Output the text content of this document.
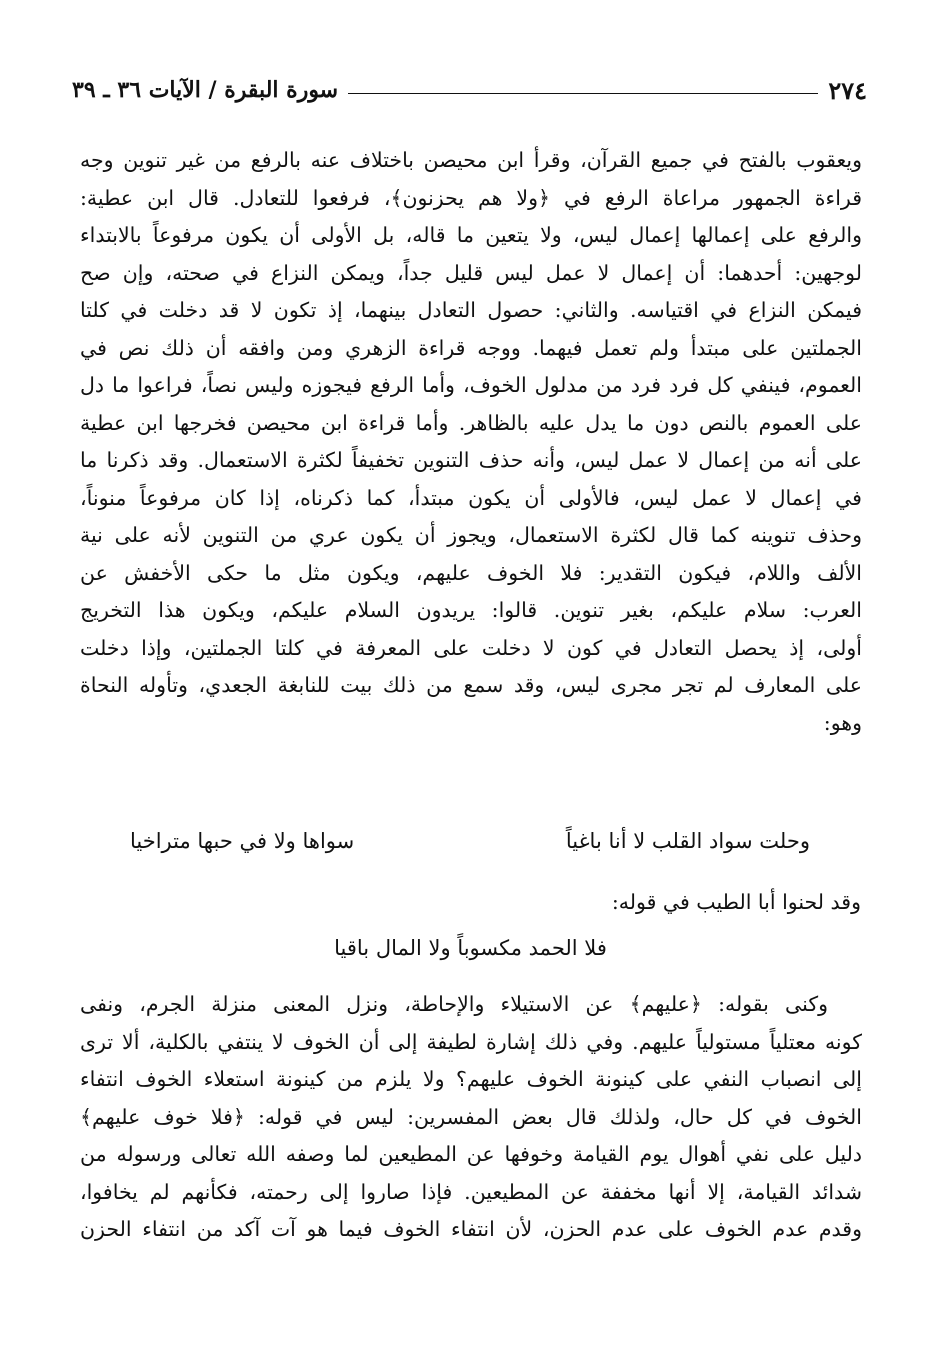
٢٧٤
سورة البقرة / الآيات ٣٦ ـ ٣٩
ويعقوب بالفتح في جميع القرآن، وقرأ ابن محيصن باختلاف عنه بالرفع من غير تنوين وجه
قراءة الجمهور مراعاة الرفع في ﴿ولا هم يحزنون﴾، فرفعوا للتعادل. قال ابن عطية:
والرفع على إعمالها إعمال ليس، ولا يتعين ما قاله، بل الأولى أن يكون مرفوعاً بالابتداء
لوجهين: أحدهما: أن إعمال لا عمل ليس قليل جداً، ويمكن النزاع في صحته، وإن صح
فيمكن النزاع في اقتياسه. والثاني: حصول التعادل بينهما، إذ تكون لا قد دخلت في كلتا
الجملتين على مبتدأ ولم تعمل فيهما. ووجه قراءة الزهري ومن وافقه أن ذلك نص في
العموم، فينفي كل فرد فرد من مدلول الخوف، وأما الرفع فيجوزه وليس نصاً، فراعوا ما دل
على العموم بالنص دون ما يدل عليه بالظاهر. وأما قراءة ابن محيصن فخرجها ابن عطية
على أنه من إعمال لا عمل ليس، وأنه حذف التنوين تخفيفاً لكثرة الاستعمال. وقد ذكرنا ما
في إعمال لا عمل ليس، فالأولى أن يكون مبتدأ، كما ذكرناه، إذا كان مرفوعاً منوناً،
وحذف تنوينه كما قال لكثرة الاستعمال، ويجوز أن يكون عري من التنوين لأنه على نية
الألف واللام، فيكون التقدير: فلا الخوف عليهم، ويكون مثل ما حكى الأخفش عن
العرب: سلام عليكم، بغير تنوين. قالوا: يريدون السلام عليكم، ويكون هذا التخريج
أولى، إذ يحصل التعادل في كون لا دخلت على المعرفة في كلتا الجملتين، وإذا دخلت
على المعارف لم تجر مجرى ليس، وقد سمع من ذلك بيت للنابغة الجعدي، وتأوله النحاة
وهو:
وحلت سواد القلب لا أنا باغياً
سواها ولا في حبها متراخيا
وقد لحنوا أبا الطيب في قوله:
فلا الحمد مكسوباً ولا المال باقيا
وكنى بقوله: ﴿عليهم﴾ عن الاستيلاء والإحاطة، ونزل المعنى منزلة الجرم، ونفى
كونه معتلياً مستولياً عليهم. وفي ذلك إشارة لطيفة إلى أن الخوف لا ينتفي بالكلية، ألا ترى
إلى انصباب النفي على كينونة الخوف عليهم؟ ولا يلزم من كينونة استعلاء الخوف انتفاء
الخوف في كل حال، ولذلك قال بعض المفسرين: ليس في قوله: ﴿فلا خوف عليهم﴾
دليل على نفي أهوال يوم القيامة وخوفها عن المطيعين لما وصفه الله تعالى ورسوله من
شدائد القيامة، إلا أنها مخففة عن المطيعين. فإذا صاروا إلى رحمته، فكأنهم لم يخافوا،
وقدم عدم الخوف على عدم الحزن، لأن انتفاء الخوف فيما هو آت آكد من انتفاء الحزن
